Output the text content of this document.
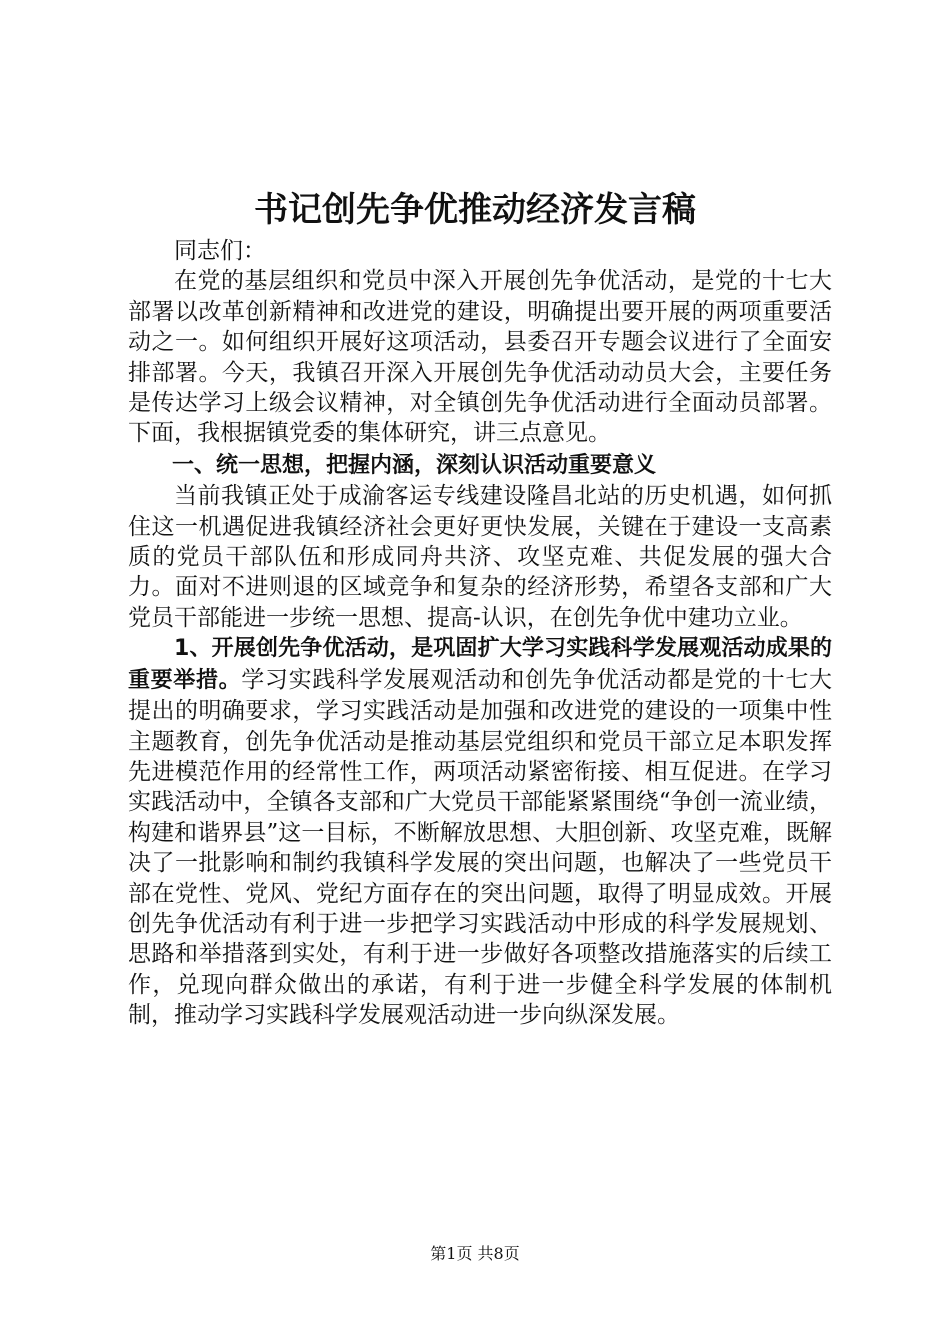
书记创先争优推动经济发言稿

同志们：

在党的基层组织和党员中深入开展创先争优活动，是党的十七大部署以改革创新精神和改进党的建设，明确提出要开展的两项重要活动之一。如何组织开展好这项活动，县委召开专题会议进行了全面安排部署。今天，我镇召开深入开展创先争优活动动员大会，主要任务是传达学习上级会议精神，对全镇创先争优活动进行全面动员部署。下面，我根据镇党委的集体研究，讲三点意见。

一、统一思想，把握内涵，深刻认识活动重要意义

当前我镇正处于成渝客运专线建设隆昌北站的历史机遇，如何抓住这一机遇促进我镇经济社会更好更快发展，关键在于建设一支高素质的党员干部队伍和形成同舟共济、攻坚克难、共促发展的强大合力。面对不进则退的区域竞争和复杂的经济形势，希望各支部和广大党员干部能进一步统一思想、提高-认识，在创先争优中建功立业。

1、开展创先争优活动，是巩固扩大学习实践科学发展观活动成果的重要举措。学习实践科学发展观活动和创先争优活动都是党的十七大提出的明确要求，学习实践活动是加强和改进党的建设的一项集中性主题教育，创先争优活动是推动基层党组织和党员干部立足本职发挥先进模范作用的经常性工作，两项活动紧密衔接、相互促进。在学习实践活动中，全镇各支部和广大党员干部能紧紧围绕“争创一流业绩，构建和谐界县”这一目标，不断解放思想、大胆创新、攻坚克难，既解决了一批影响和制约我镇科学发展的突出问题，也解决了一些党员干部在党性、党风、党纪方面存在的突出问题，取得了明显成效。开展创先争优活动有利于进一步把学习实践活动中形成的科学发展规划、思路和举措落到实处，有利于进一步做好各项整改措施落实的后续工作，兑现向群众做出的承诺，有利于进一步健全科学发展的体制机制，推动学习实践科学发展观活动进一步向纵深发展。

第1页 共8页
